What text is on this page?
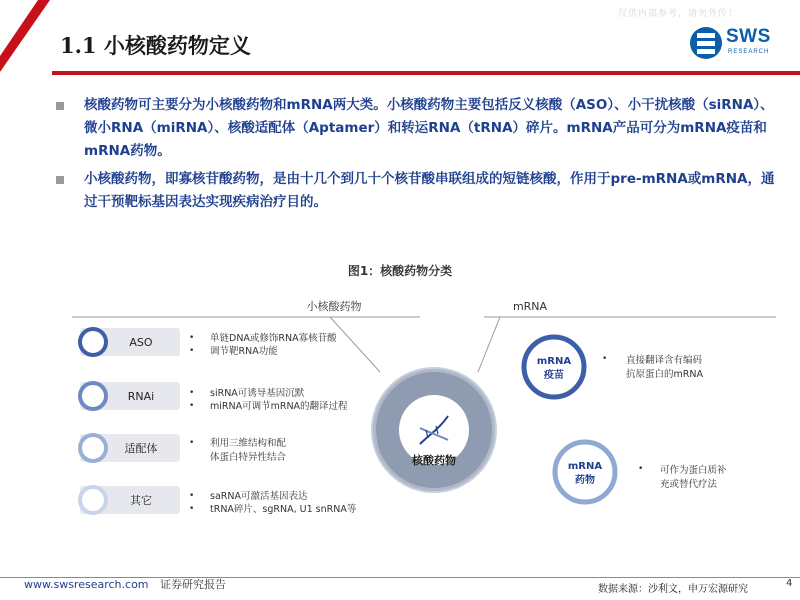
仅供内部参考，请勿外传！
1.1 小核酸药物定义	SWS
RESEARCH
核酸药物可主要分为小核酸药物和mRNA两大类。小核酸药物主要包括反义核酸（ASO）、小干扰核酸（siRNA）、微小RNA（miRNA）、核酸适配体（Aptamer）和转运RNA（tRNA）碎片。mRNA产品可分为mRNA疫苗和mRNA药物。
小核酸药物，即寡核苷酸药物，是由十几个到几十个核苷酸串联组成的短链核酸，作用于pre-mRNA或mRNA，通过干预靶标基因表达实现疾病治疗目的。
图1：核酸药物分类
小核酸药物	mRNA
核酸药物
ASO	•
•
单链DNA或修饰RNA寡核苷酸
调节靶RNA功能
RNAi	•
•
siRNA可诱导基因沉默
miRNA可调节mRNA的翻译过程
适配体	• 利用三维结构和配
体蛋白特异性结合
其它	•
•
saRNA可激活基因表达
tRNA碎片、sgRNA, U1 snRNA等
mRNA
疫苗
• 直接翻译含有编码
抗原蛋白的mRNA
mRNA
药物
• 可作为蛋白质补
充或替代疗法
www.swsresearch.com 证券研究报告	数据来源：沙利文，申万宏源研究
4
